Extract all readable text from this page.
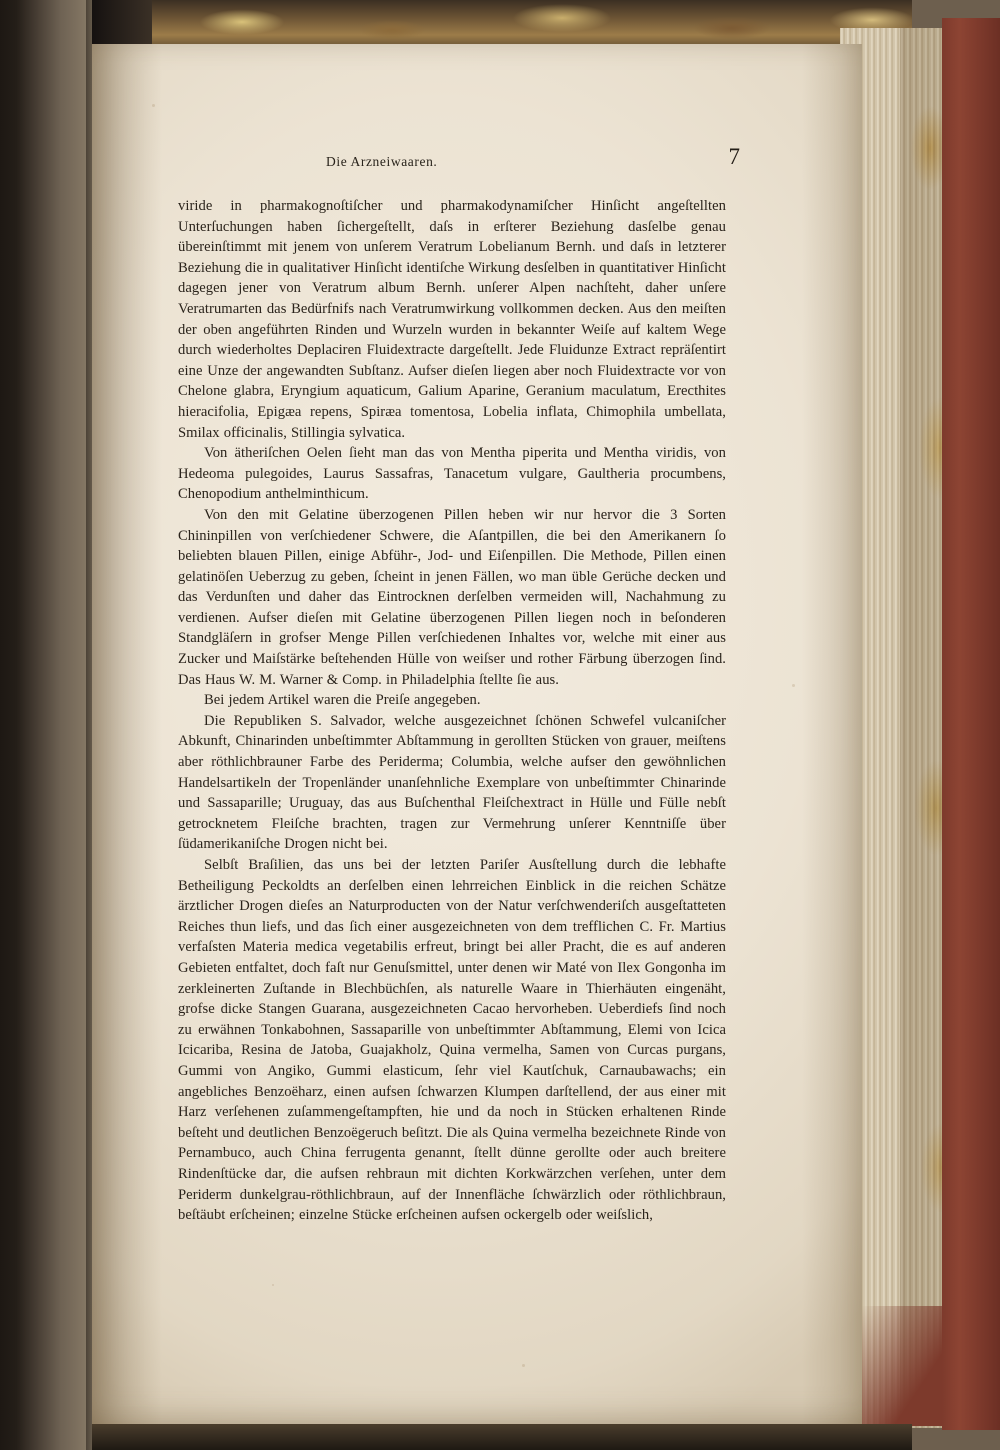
Die Arzneiwaaren.	7

viride in pharmakognoſtiſcher und pharmakodynamiſcher Hinſicht angeſtellten Unterſuchungen haben ſichergeſtellt, daſs in erſterer Beziehung dasſelbe genau übereinſtimmt mit jenem von unſerem Veratrum Lobelianum Bernh. und daſs in letzterer Beziehung die in qualitativer Hinſicht identiſche Wirkung desſelben in quantitativer Hinſicht dagegen jener von Veratrum album Bernh. unſerer Alpen nachſteht, daher unſere Veratrumarten das Bedürfnifs nach Veratrumwirkung vollkommen decken. Aus den meiſten der oben angeführten Rinden und Wurzeln wurden in bekannter Weiſe auf kaltem Wege durch wiederholtes Deplaciren Fluidextracte dargeſtellt. Jede Fluidunze Extract repräſentirt eine Unze der angewandten Subſtanz. Aufser dieſen liegen aber noch Fluidextracte vor von Chelone glabra, Eryngium aquaticum, Galium Aparine, Geranium maculatum, Erecthites hieracifolia, Epigæa repens, Spiræa tomentosa, Lobelia inflata, Chimophila umbellata, Smilax officinalis, Stillingia sylvatica.

Von ätheriſchen Oelen ſieht man das von Mentha piperita und Mentha viridis, von Hedeoma pulegoides, Laurus Sassafras, Tanacetum vulgare, Gaultheria procumbens, Chenopodium anthelminthicum.

Von den mit Gelatine überzogenen Pillen heben wir nur hervor die 3 Sorten Chininpillen von verſchiedener Schwere, die Aſantpillen, die bei den Amerikanern ſo beliebten blauen Pillen, einige Abführ-, Jod- und Eiſenpillen. Die Methode, Pillen einen gelatinöſen Ueberzug zu geben, ſcheint in jenen Fällen, wo man üble Gerüche decken und das Verdunſten und daher das Eintrocknen derſelben vermeiden will, Nachahmung zu verdienen. Aufser dieſen mit Gelatine überzogenen Pillen liegen noch in beſonderen Standgläſern in grofser Menge Pillen verſchiedenen Inhaltes vor, welche mit einer aus Zucker und Maiſstärke beſtehenden Hülle von weiſser und rother Färbung überzogen ſind. Das Haus W. M. Warner & Comp. in Philadelphia ſtellte ſie aus.

Bei jedem Artikel waren die Preiſe angegeben.

Die Republiken S. Salvador, welche ausgezeichnet ſchönen Schwefel vulcaniſcher Abkunft, Chinarinden unbeſtimmter Abſtammung in gerollten Stücken von grauer, meiſtens aber röthlichbrauner Farbe des Periderma; Columbia, welche aufser den gewöhnlichen Handelsartikeln der Tropenländer unanſehnliche Exemplare von unbeſtimmter Chinarinde und Sassaparille; Uruguay, das aus Buſchenthal Fleiſchextract in Hülle und Fülle nebſt getrocknetem Fleiſche brachten, tragen zur Vermehrung unſerer Kenntniſſe über ſüdamerikaniſche Drogen nicht bei.

Selbſt Braſilien, das uns bei der letzten Pariſer Ausſtellung durch die lebhafte Betheiligung Peckoldts an derſelben einen lehrreichen Einblick in die reichen Schätze ärztlicher Drogen dieſes an Naturproducten von der Natur verſchwenderiſch ausgeſtatteten Reiches thun liefs, und das ſich einer ausgezeichneten von dem trefflichen C. Fr. Martius verfaſsten Materia medica vegetabilis erfreut, bringt bei aller Pracht, die es auf anderen Gebieten entfaltet, doch faſt nur Genuſsmittel, unter denen wir Maté von Ilex Gongonha im zerkleinerten Zuſtande in Blechbüchſen, als naturelle Waare in Thierhäuten eingenäht, grofse dicke Stangen Guarana, ausgezeichneten Cacao hervorheben. Ueberdiefs ſind noch zu erwähnen Tonkabohnen, Sassaparille von unbeſtimmter Abſtammung, Elemi von Icica Icicariba, Resina de Jatoba, Guajakholz, Quina vermelha, Samen von Curcas purgans, Gummi von Angiko, Gummi elasticum, ſehr viel Kautſchuk, Carnaubawachs; ein angebliches Benzoëharz, einen aufsen ſchwarzen Klumpen darſtellend, der aus einer mit Harz verſehenen zuſammengeſtampften, hie und da noch in Stücken erhaltenen Rinde beſteht und deutlichen Benzoëgeruch beſitzt. Die als Quina vermelha bezeichnete Rinde von Pernambuco, auch China ferrugenta genannt, ſtellt dünne gerollte oder auch breitere Rindenſtücke dar, die aufsen rehbraun mit dichten Korkwärzchen verſehen, unter dem Periderm dunkelgrau-röthlichbraun, auf der Innenfläche ſchwärzlich oder röthlichbraun, beſtäubt erſcheinen; einzelne Stücke erſcheinen aufsen ockergelb oder weiſslich,
